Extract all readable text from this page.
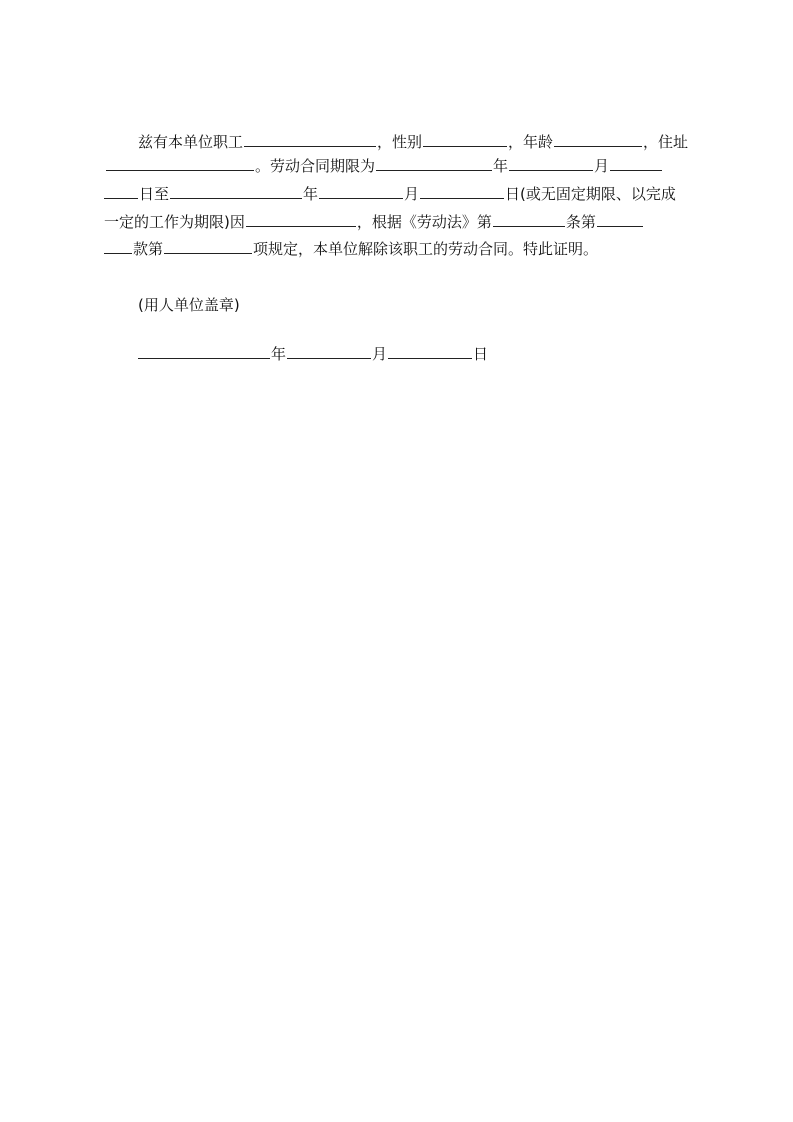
兹有本单位职工	，性别	，年龄	，住址
。劳动合同期限为	年	月
日至	年	月	日(或无固定期限、以完成
一定的工作为期限)因	，根据《劳动法》第	条第
款第	项规定，本单位解除该职工的劳动合同。特此证明。
(用人单位盖章)
年	月	日
